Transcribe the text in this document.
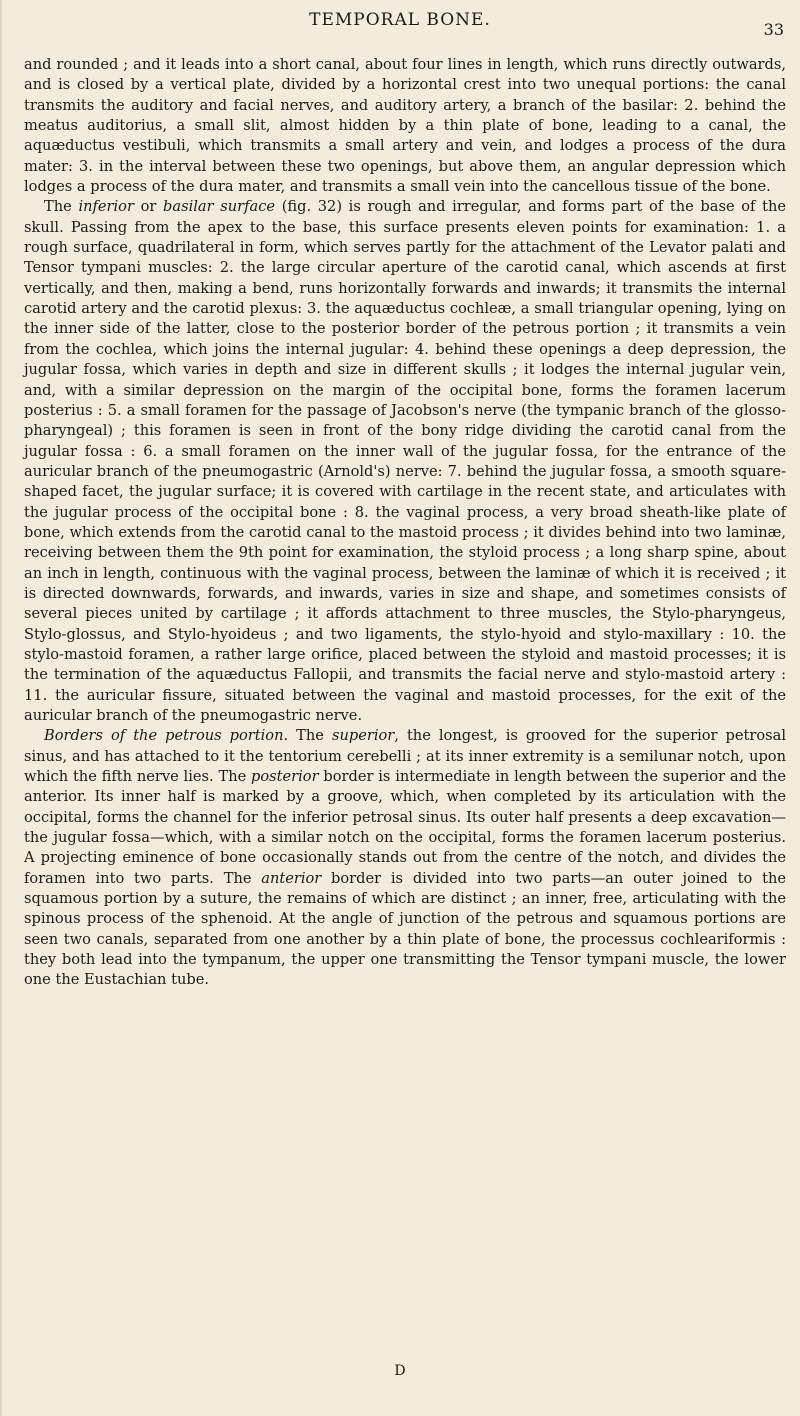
TEMPORAL BONE.	33

and rounded ; and it leads into a short canal, about four lines in length, which runs directly outwards, and is closed by a vertical plate, divided by a horizontal crest into two unequal portions: the canal transmits the auditory and facial nerves, and auditory artery, a branch of the basilar: 2. behind the meatus auditorius, a small slit, almost hidden by a thin plate of bone, leading to a canal, the aquæductus vestibuli, which transmits a small artery and vein, and lodges a process of the dura mater: 3. in the interval between these two openings, but above them, an angular depression which lodges a process of the dura mater, and transmits a small vein into the cancellous tissue of the bone.

The inferior or basilar surface (fig. 32) is rough and irregular, and forms part of the base of the skull. Passing from the apex to the base, this surface presents eleven points for examination: 1. a rough surface, quadrilateral in form, which serves partly for the attachment of the Levator palati and Tensor tympani muscles: 2. the large circular aperture of the carotid canal, which ascends at first vertically, and then, making a bend, runs horizontally forwards and inwards; it transmits the internal carotid artery and the carotid plexus: 3. the aquæductus cochleæ, a small triangular opening, lying on the inner side of the latter, close to the posterior border of the petrous portion ; it transmits a vein from the cochlea, which joins the internal jugular: 4. behind these openings a deep depression, the jugular fossa, which varies in depth and size in different skulls ; it lodges the internal jugular vein, and, with a similar depression on the margin of the occipital bone, forms the foramen lacerum posterius : 5. a small foramen for the passage of Jacobson's nerve (the tympanic branch of the glosso-pharyngeal) ; this foramen is seen in front of the bony ridge dividing the carotid canal from the jugular fossa : 6. a small foramen on the inner wall of the jugular fossa, for the entrance of the auricular branch of the pneumogastric (Arnold's) nerve: 7. behind the jugular fossa, a smooth square-shaped facet, the jugular surface; it is covered with cartilage in the recent state, and articulates with the jugular process of the occipital bone : 8. the vaginal process, a very broad sheath-like plate of bone, which extends from the carotid canal to the mastoid process ; it divides behind into two laminæ, receiving between them the 9th point for examination, the styloid process ; a long sharp spine, about an inch in length, continuous with the vaginal process, between the laminæ of which it is received ; it is directed downwards, forwards, and inwards, varies in size and shape, and sometimes consists of several pieces united by cartilage ; it affords attachment to three muscles, the Stylo-pharyngeus, Stylo-glossus, and Stylo-hyoideus ; and two ligaments, the stylo-hyoid and stylo-maxillary : 10. the stylo-mastoid foramen, a rather large orifice, placed between the styloid and mastoid processes; it is the termination of the aquæductus Fallopii, and transmits the facial nerve and stylo-mastoid artery : 11. the auricular fissure, situated between the vaginal and mastoid processes, for the exit of the auricular branch of the pneumogastric nerve.

Borders of the petrous portion. The superior, the longest, is grooved for the superior petrosal sinus, and has attached to it the tentorium cerebelli ; at its inner extremity is a semilunar notch, upon which the fifth nerve lies. The posterior border is intermediate in length between the superior and the anterior. Its inner half is marked by a groove, which, when completed by its articulation with the occipital, forms the channel for the inferior petrosal sinus. Its outer half presents a deep excavation—the jugular fossa—which, with a similar notch on the occipital, forms the foramen lacerum posterius. A projecting eminence of bone occasionally stands out from the centre of the notch, and divides the foramen into two parts. The anterior border is divided into two parts—an outer joined to the squamous portion by a suture, the remains of which are distinct ; an inner, free, articulating with the spinous process of the sphenoid. At the angle of junction of the petrous and squamous portions are seen two canals, separated from one another by a thin plate of bone, the processus cochleariformis : they both lead into the tympanum, the upper one transmitting the Tensor tympani muscle, the lower one the Eustachian tube.

D
